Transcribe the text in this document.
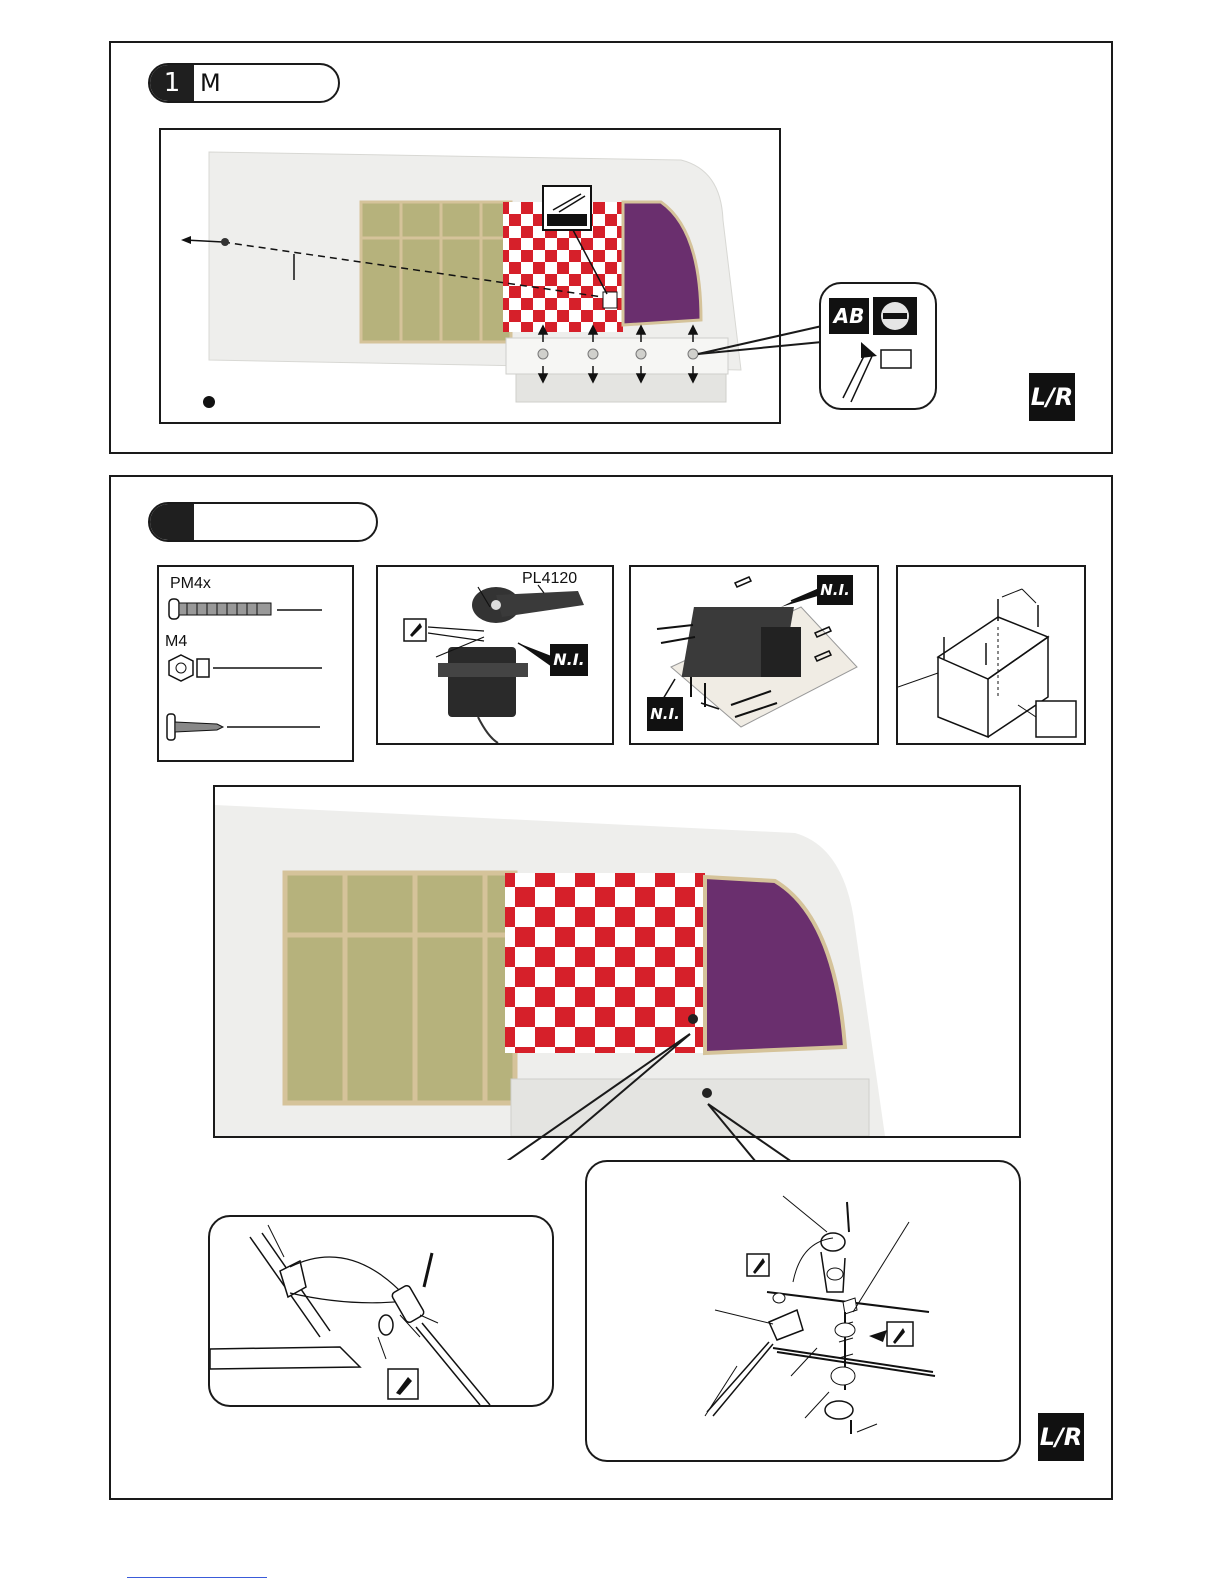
1 M
AB
L/R
PM4x
M4
PL4120
N.I.
N.I.
N.I.
L/R
